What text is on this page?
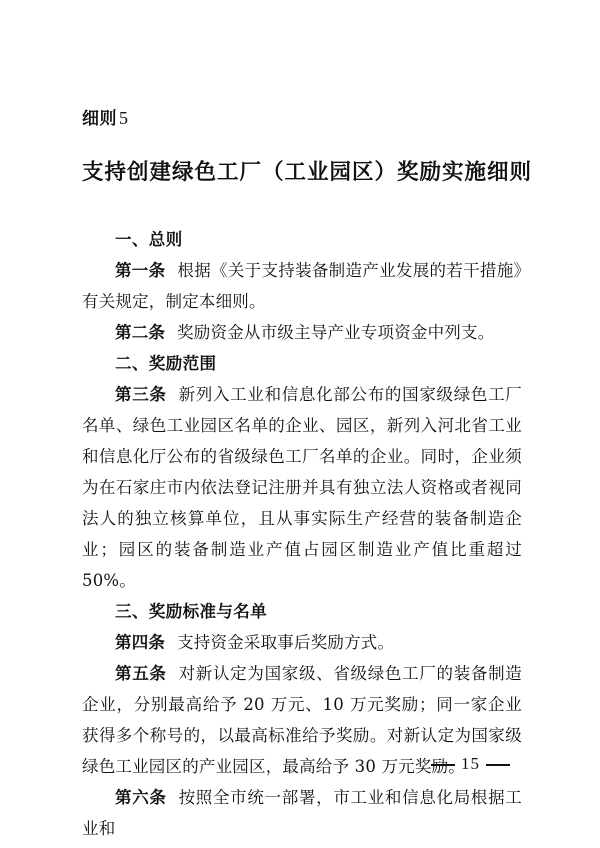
细则 5
支持创建绿色工厂（工业园区）奖励实施细则

一、总则

第一条 根据《关于支持装备制造产业发展的若干措施》有关规定，制定本细则。

第二条 奖励资金从市级主导产业专项资金中列支。

二、奖励范围

第三条 新列入工业和信息化部公布的国家级绿色工厂名单、绿色工业园区名单的企业、园区，新列入河北省工业和信息化厅公布的省级绿色工厂名单的企业。同时，企业须为在石家庄市内依法登记注册并具有独立法人资格或者视同法人的独立核算单位，且从事实际生产经营的装备制造企业；园区的装备制造业产值占园区制造业产值比重超过 50%。

三、奖励标准与名单

第四条 支持资金采取事后奖励方式。

第五条 对新认定为国家级、省级绿色工厂的装备制造企业，分别最高给予 20 万元、10 万元奖励；同一家企业获得多个称号的，以最高标准给予奖励。对新认定为国家级绿色工业园区的产业园区，最高给予 30 万元奖励。

第六条 按照全市统一部署，市工业和信息化局根据工业和

15
